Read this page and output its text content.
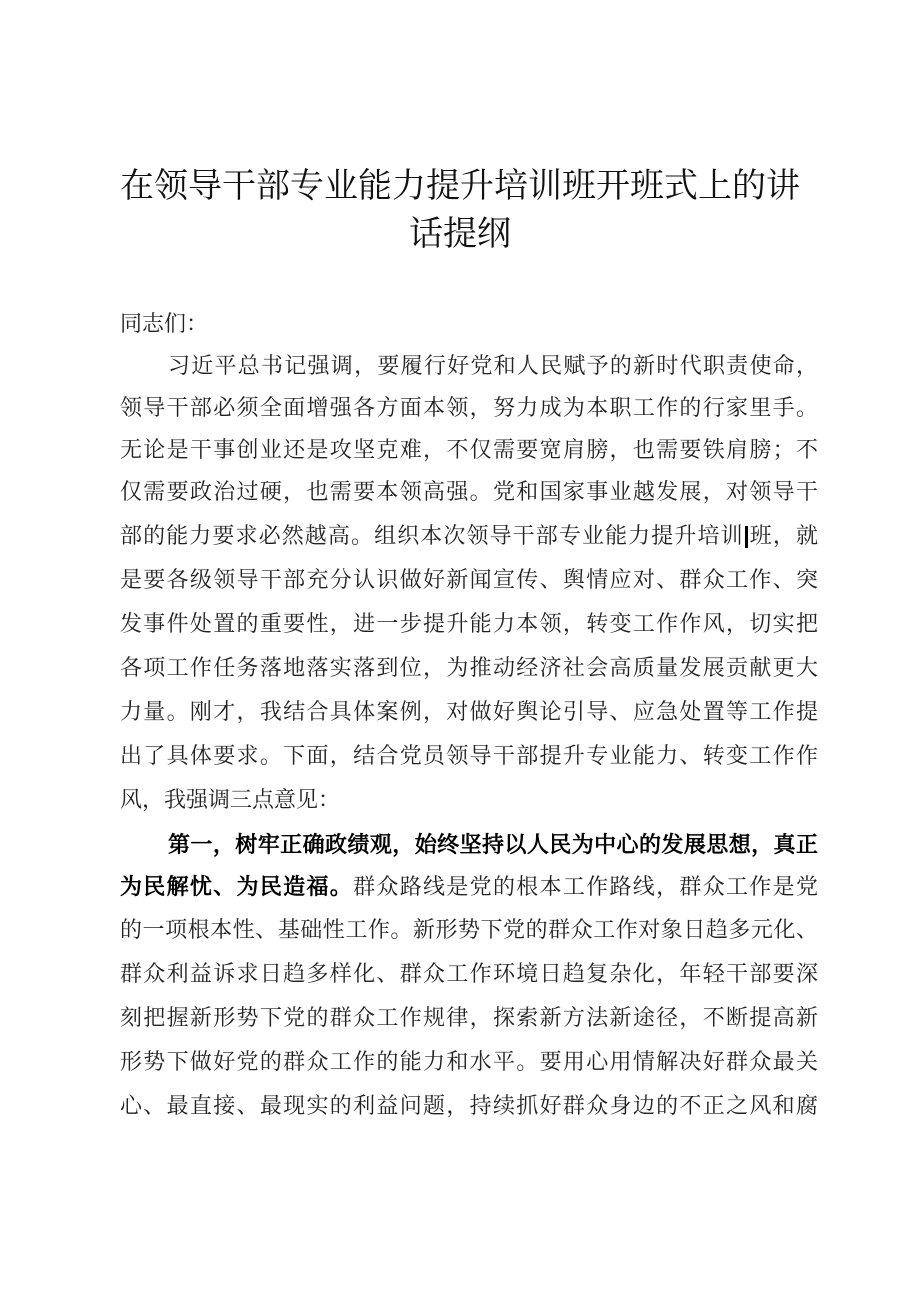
在领导干部专业能力提升培训班开班式上的讲
话提纲
同志们：
习近平总书记强调，要履行好党和人民赋予的新时代职责使命，
领导干部必须全面增强各方面本领，努力成为本职工作的行家里手。
无论是干事创业还是攻坚克难，不仅需要宽肩膀，也需要铁肩膀；不
仅需要政治过硬，也需要本领高强。党和国家事业越发展，对领导干
部的能力要求必然越高。组织本次领导干部专业能力提升培训 班，就
是要各级领导干部充分认识做好新闻宣传、舆情应对、群众工作、突
发事件处置的重要性，进一步提升能力本领，转变工作作风，切实把
各项工作任务落地落实落到位，为推动经济社会高质量发展贡献更大
力量。刚才，我结合具体案例，对做好舆论引导、应急处置等工作提
出了具体要求。下面，结合党员领导干部提升专业能力、转变工作作
风，我强调三点意见：
第一，树牢正确政绩观，始终坚持以人民为中心的发展思想，真正
为民解忧、为民造福。群众路线是党的根本工作路线，群众工作是党
的一项根本性、基础性工作。新形势下党的群众工作对象日趋多元化、
群众利益诉求日趋多样化、群众工作环境日趋复杂化，年轻干部要深
刻把握新形势下党的群众工作规律，探索新方法新途径，不断提高新
形势下做好党的群众工作的能力和水平。要用心用情解决好群众最关
心、最直接、最现实的利益问题，持续抓好群众身边的不正之风和腐
